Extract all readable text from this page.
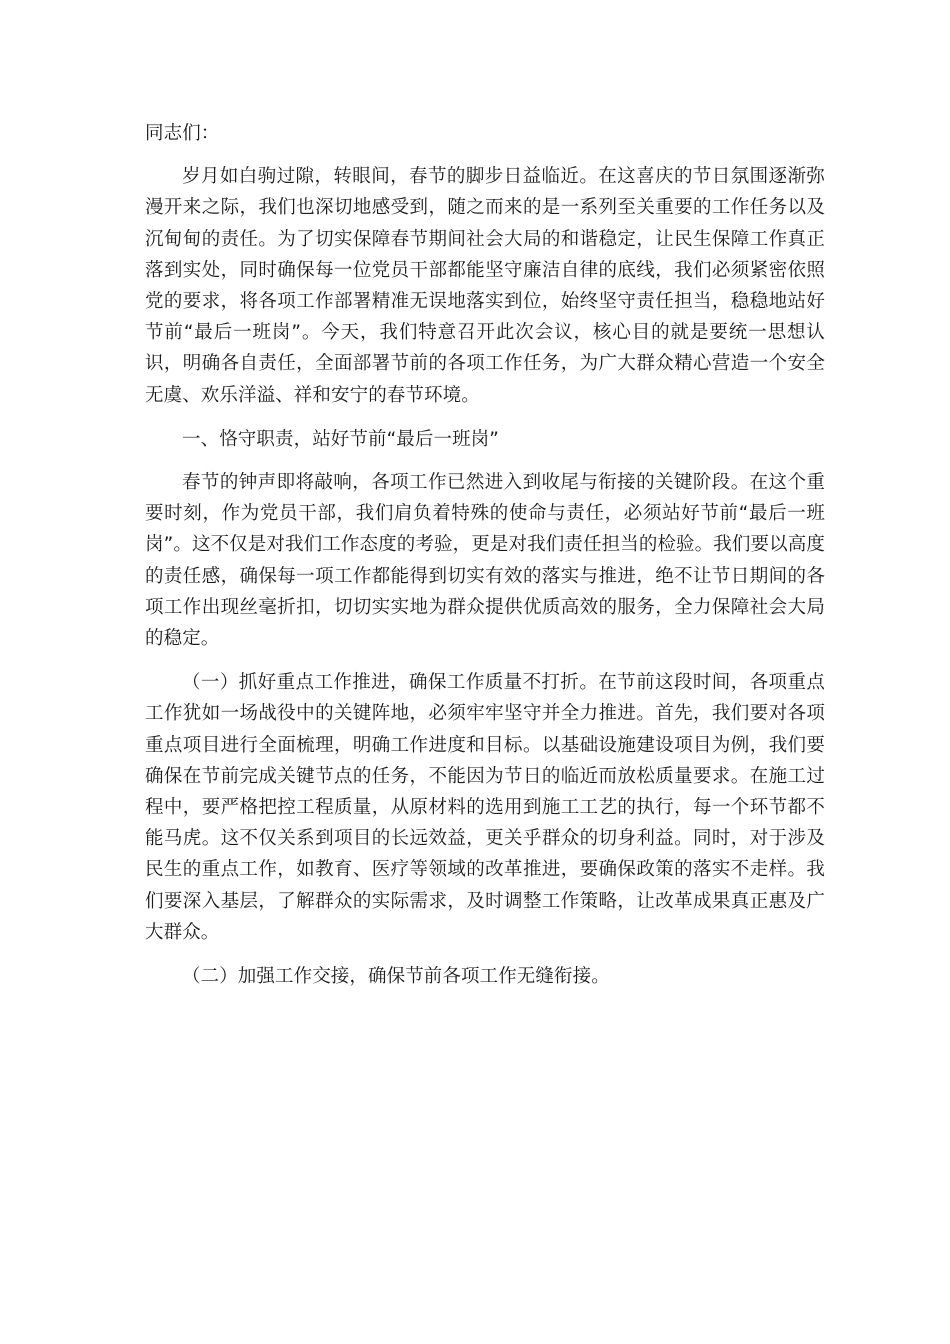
同志们：

岁月如白驹过隙，转眼间，春节的脚步日益临近。在这喜庆的节日氛围逐渐弥漫开来之际，我们也深切地感受到，随之而来的是一系列至关重要的工作任务以及沉甸甸的责任。为了切实保障春节期间社会大局的和谐稳定，让民生保障工作真正落到实处，同时确保每一位党员干部都能坚守廉洁自律的底线，我们必须紧密依照党的要求，将各项工作部署精准无误地落实到位，始终坚守责任担当，稳稳地站好节前“最后一班岗”。今天，我们特意召开此次会议，核心目的就是要统一思想认识，明确各自责任，全面部署节前的各项工作任务，为广大群众精心营造一个安全无虞、欢乐洋溢、祥和安宁的春节环境。

一、恪守职责，站好节前“最后一班岗”

春节的钟声即将敲响，各项工作已然进入到收尾与衔接的关键阶段。在这个重要时刻，作为党员干部，我们肩负着特殊的使命与责任，必须站好节前“最后一班岗”。这不仅是对我们工作态度的考验，更是对我们责任担当的检验。我们要以高度的责任感，确保每一项工作都能得到切实有效的落实与推进，绝不让节日期间的各项工作出现丝毫折扣，切切实实地为群众提供优质高效的服务，全力保障社会大局的稳定。

（一）抓好重点工作推进，确保工作质量不打折。在节前这段时间，各项重点工作犹如一场战役中的关键阵地，必须牢牢坚守并全力推进。首先，我们要对各项重点项目进行全面梳理，明确工作进度和目标。以基础设施建设项目为例，我们要确保在节前完成关键节点的任务，不能因为节日的临近而放松质量要求。在施工过程中，要严格把控工程质量，从原材料的选用到施工工艺的执行，每一个环节都不能马虎。这不仅关系到项目的长远效益，更关乎群众的切身利益。同时，对于涉及民生的重点工作，如教育、医疗等领域的改革推进，要确保政策的落实不走样。我们要深入基层，了解群众的实际需求，及时调整工作策略，让改革成果真正惠及广大群众。

（二）加强工作交接，确保节前各项工作无缝衔接。
